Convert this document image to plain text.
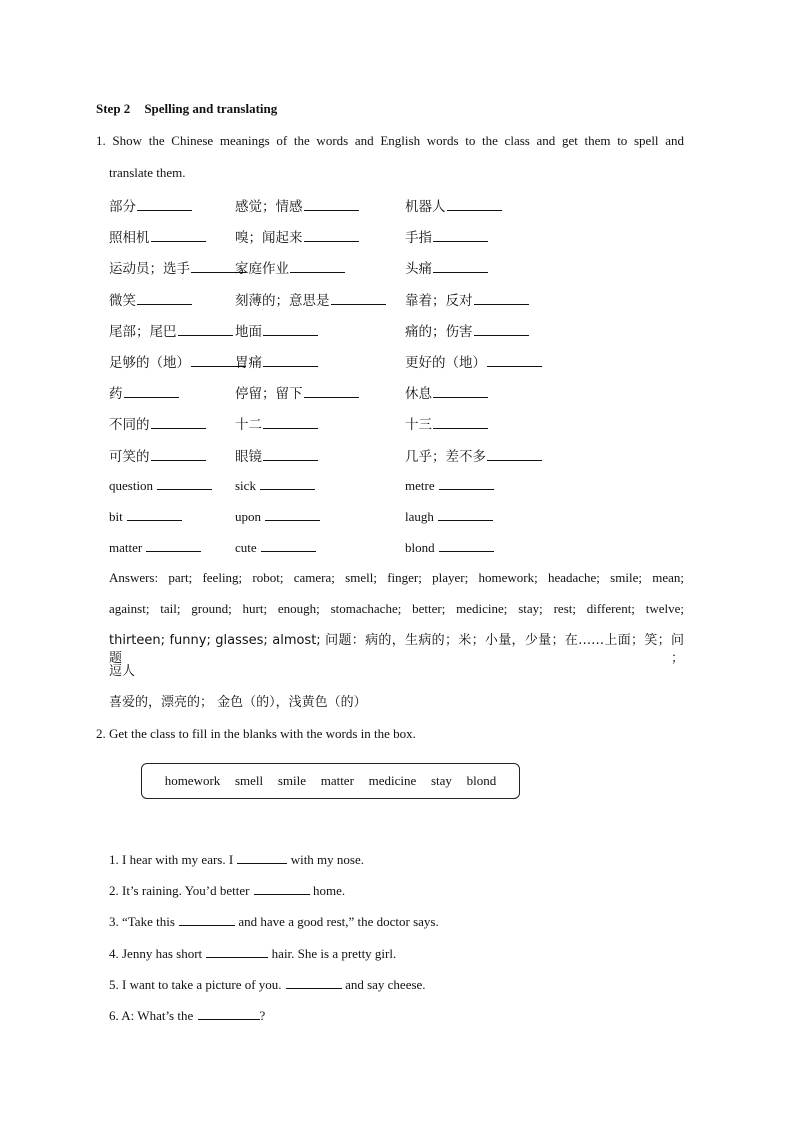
Step 2 Spelling and translating
1. Show the Chinese meanings of the words and English words to the class and get them to spell and
translate them.
部分	感觉；情感	机器人
照相机	嗅；闻起来	手指
运动员；选手	家庭作业	头痛
微笑	刻薄的；意思是	靠着；反对
尾部；尾巴	地面	痛的；伤害
足够的（地）	胃痛	更好的（地）
药	停留；留下	休息
不同的	十二	十三
可笑的	眼镜	几乎；差不多
question	sick	metre
bit	upon	laugh
matter	cute	blond
Answers: part; feeling; robot; camera; smell; finger; player; homework; headache; smile; mean;
against; tail; ground; hurt; enough; stomachache; better; medicine; stay; rest; different; twelve;
thirteen; funny; glasses; almost; 问题：病的，生病的；米；小量，少量；在……上面；笑；问题；
逗人
喜爱的，漂亮的； 金色（的），浅黄色（的）
2. Get the class to fill in the blanks with the words in the box.
homework smell smile matter medicine stay blond
1. I hear with my ears. I	with my nose.
2. It’s raining. You’d better	home.
3. “Take this	and have a good rest,” the doctor says.
4. Jenny has short	hair. She is a pretty girl.
5. I want to take a picture of you.	and say cheese.
6. A: What’s the	?
